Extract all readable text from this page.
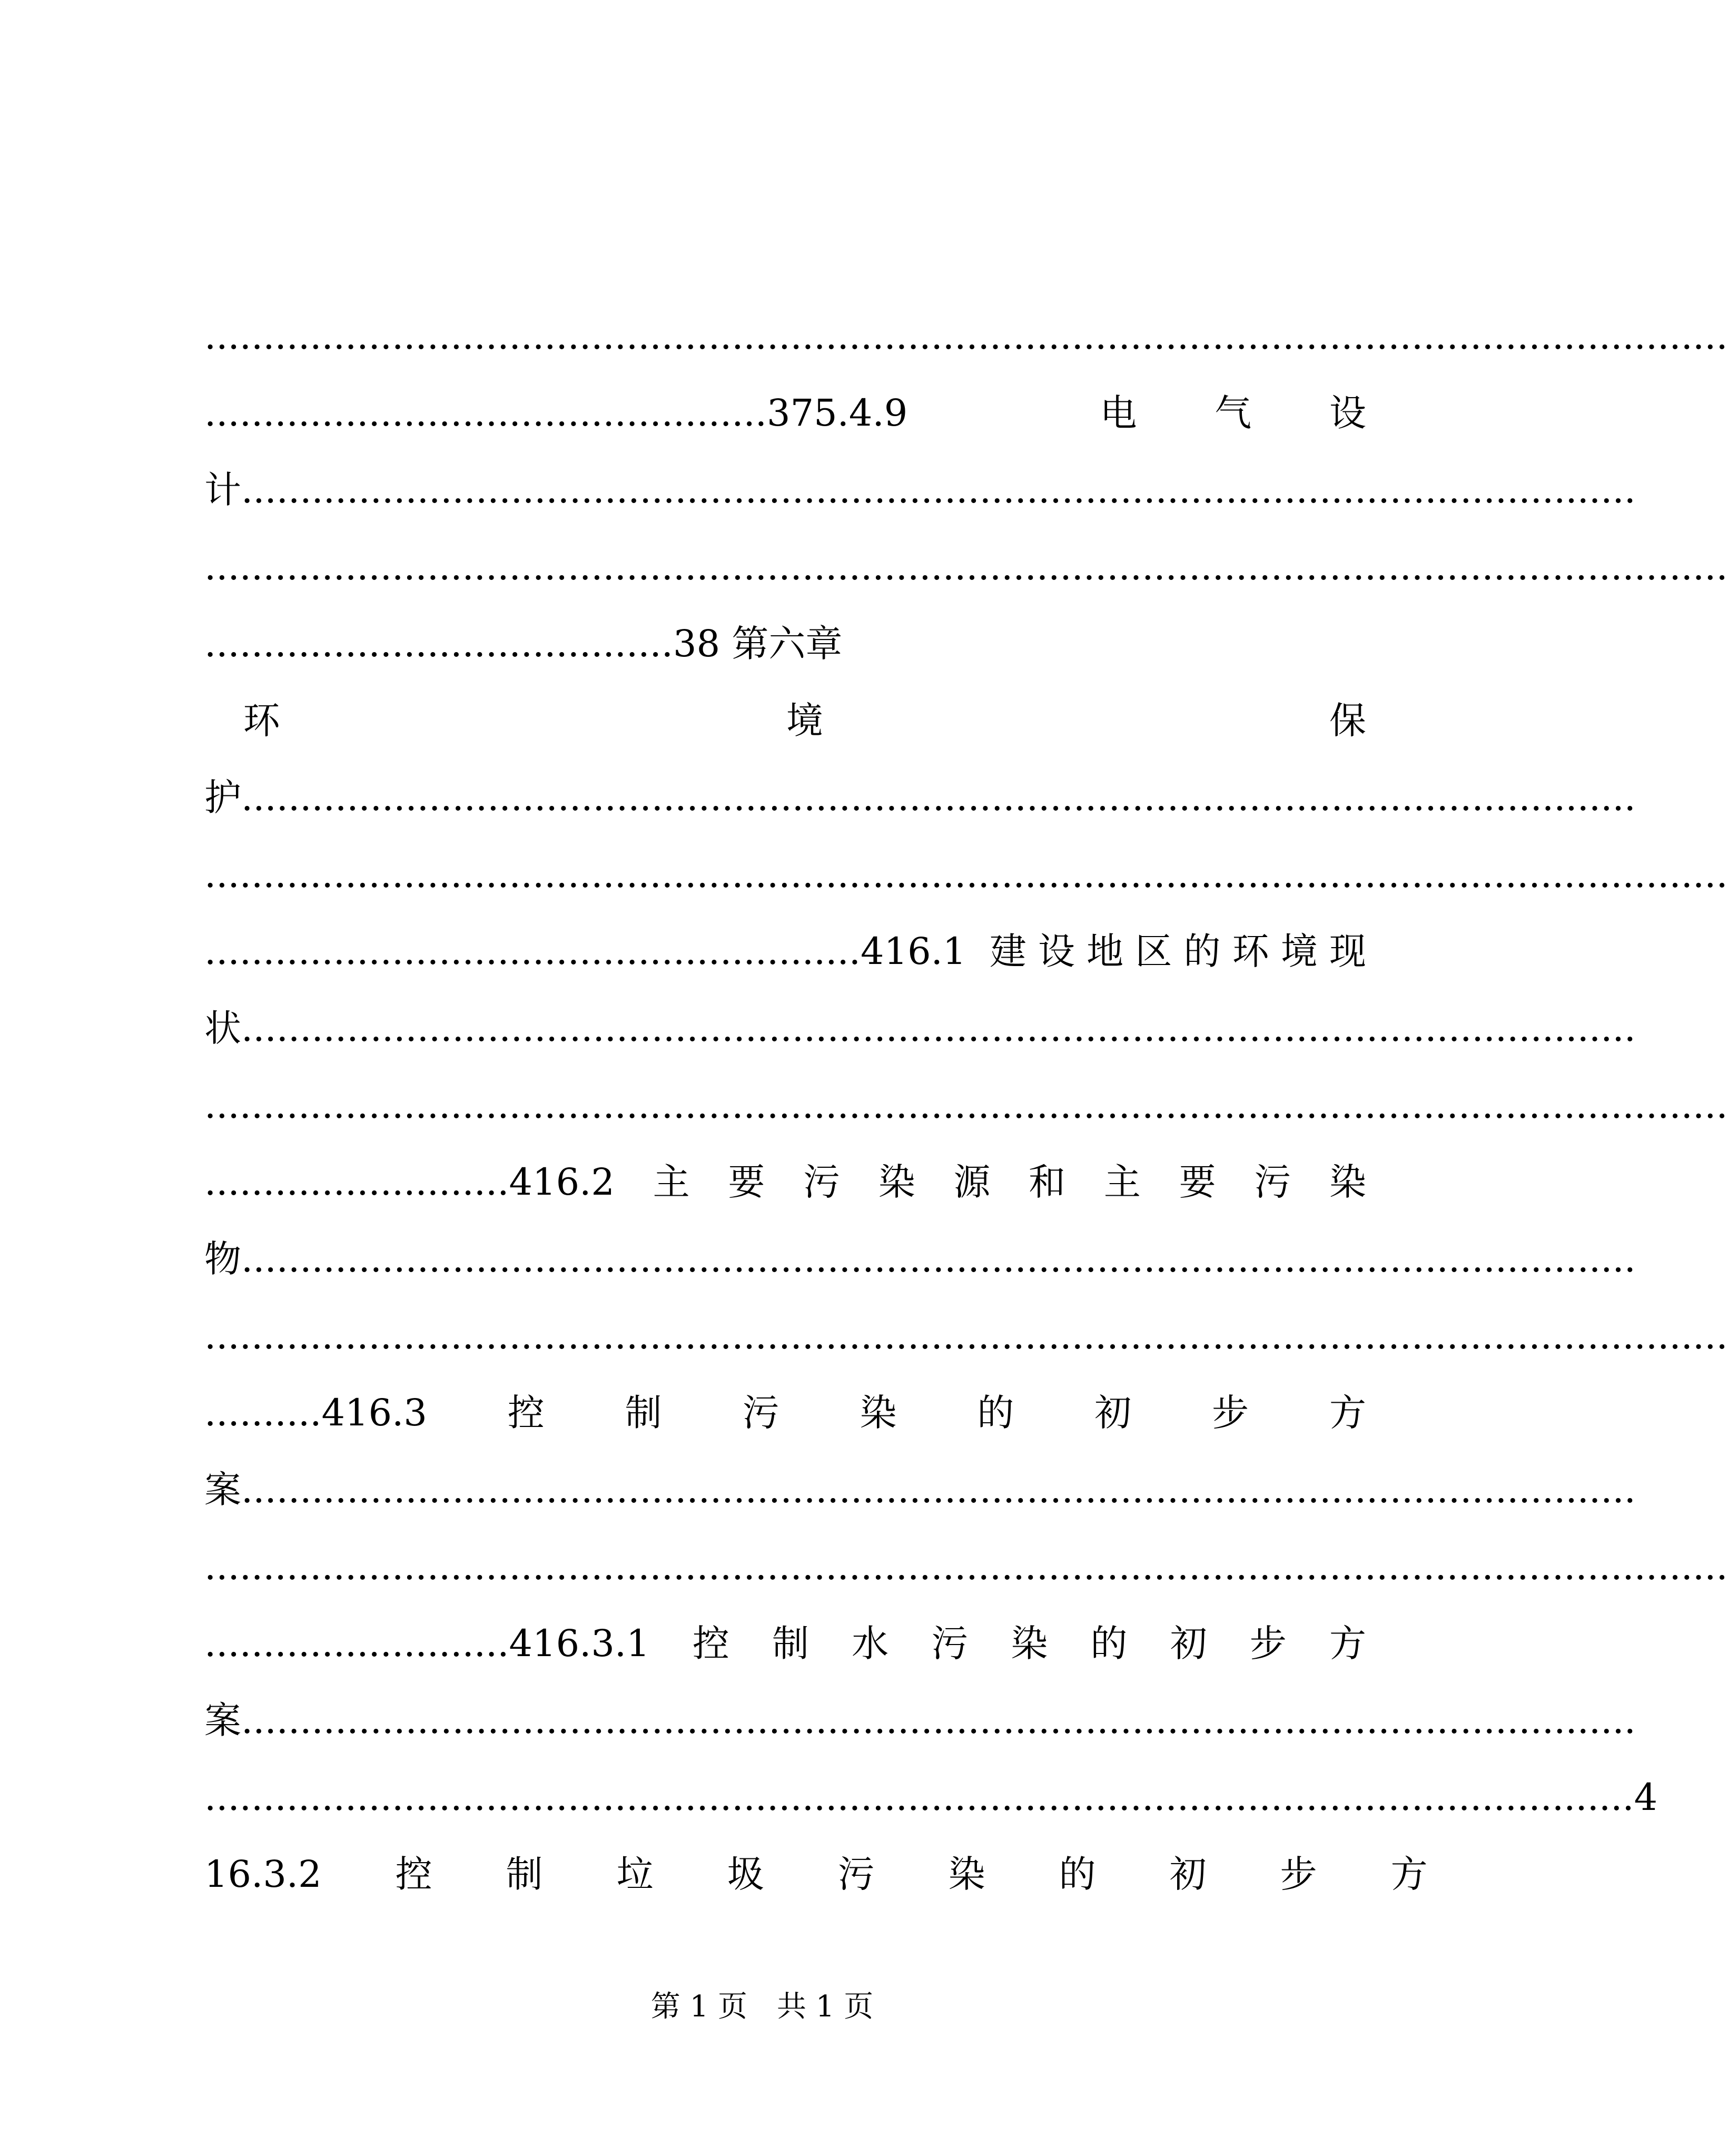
..................................................................................................................................
................................................375.4.9　　　电　气　设
计.......................................................................................................................
..................................................................................................................................
........................................38 第六章
　环　　　　　　　　　　　　　境　　　　　　　　　　　　　保
护.......................................................................................................................
..................................................................................................................................
........................................................416.1 建设地区的环境现
状.......................................................................................................................
..................................................................................................................................
..........................416.2　主　要　污　染　源　和　主　要　污　染
物.......................................................................................................................
..................................................................................................................................
..........416.3　　控　　制　　污　　染　　的　　初　　步　　方
案.......................................................................................................................
..................................................................................................................................
..........................416.3.1　控　制　水　污　染　的　初　步　方
案.......................................................................................................................
..........................................................................................................................4
16.3.2　　控　　制　　垃　　圾　　污　　染　　的　　初　　步　　方
第 1 页　共 1 页
